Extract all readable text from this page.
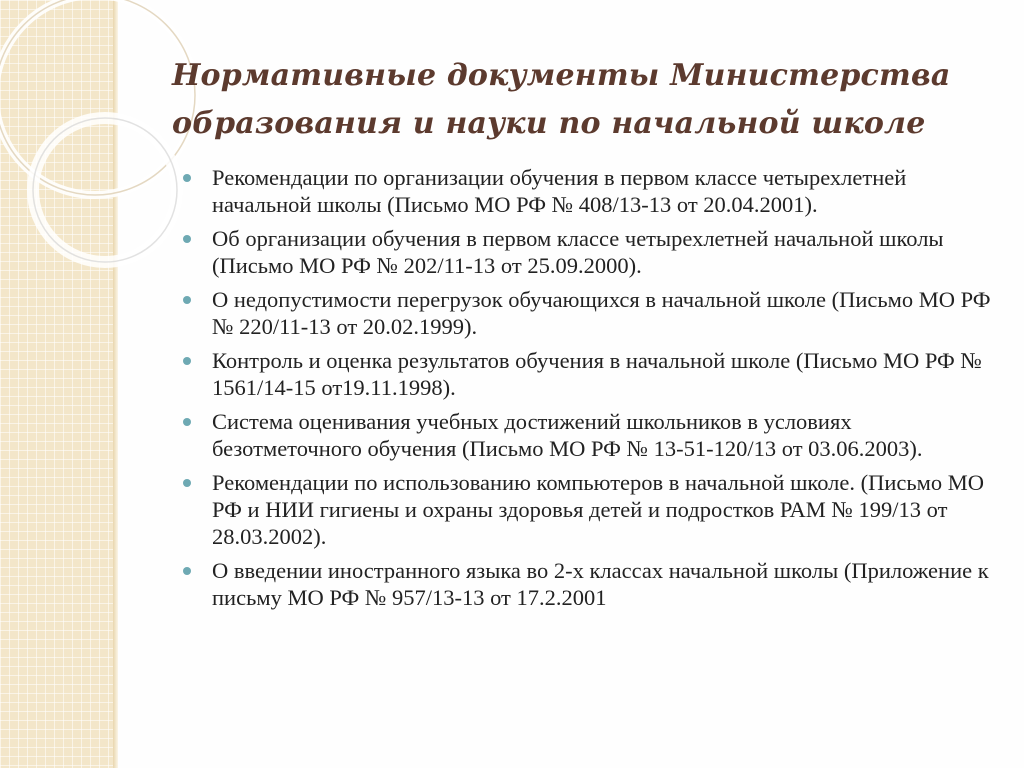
Нормативные документы Министерства образования и науки по начальной школе
Рекомендации по организации обучения в первом классе четырехлетней начальной школы (Письмо МО РФ № 408/13-13 от 20.04.2001).
Об организации обучения в первом классе четырехлетней начальной школы (Письмо МО РФ № 202/11-13 от 25.09.2000).
О недопустимости перегрузок обучающихся в начальной школе (Письмо МО РФ № 220/11-13 от 20.02.1999).
Контроль и оценка результатов обучения в начальной школе (Письмо МО РФ № 1561/14-15 от19.11.1998).
Система оценивания учебных достижений школьников в условиях безотметочного обучения (Письмо МО РФ № 13-51-120/13 от 03.06.2003).
Рекомендации по использованию компьютеров в начальной школе. (Письмо МО РФ и НИИ гигиены и охраны здоровья детей и подростков РАМ № 199/13 от 28.03.2002).
О введении иностранного языка во 2-х классах начальной школы (Приложение к письму МО РФ № 957/13-13 от 17.2.2001
